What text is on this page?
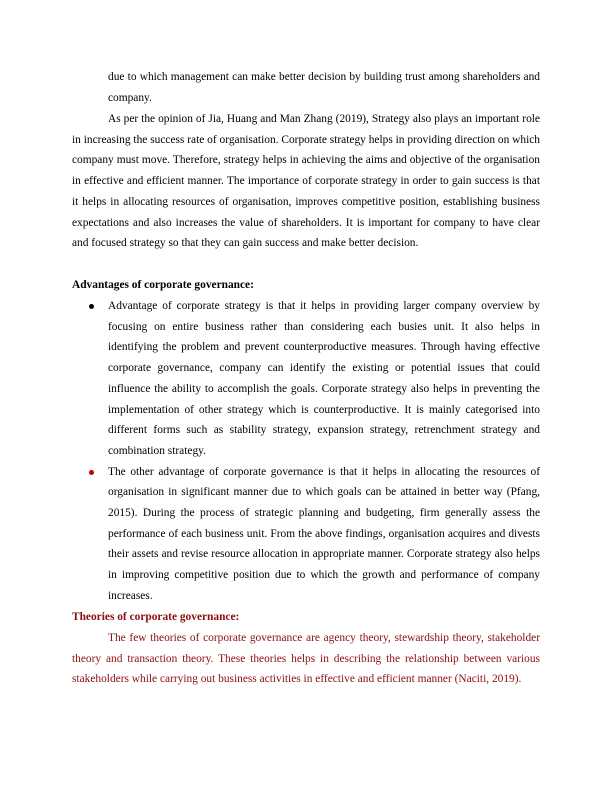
due to which management can make better decision by building trust among shareholders and company.

As per the opinion of Jia, Huang and Man Zhang (2019), Strategy also plays an important role in increasing the success rate of organisation. Corporate strategy helps in providing direction on which company must move. Therefore, strategy helps in achieving the aims and objective of the organisation in effective and efficient manner. The importance of corporate strategy in order to gain success is that it helps in allocating resources of organisation, improves competitive position, establishing business expectations and also increases the value of shareholders. It is important for company to have clear and focused strategy so that they can gain success and make better decision.

Advantages of corporate governance:
Advantage of corporate strategy is that it helps in providing larger company overview by focusing on entire business rather than considering each busies unit. It also helps in identifying the problem and prevent counterproductive measures. Through having effective corporate governance, company can identify the existing or potential issues that could influence the ability to accomplish the goals. Corporate strategy also helps in preventing the implementation of other strategy which is counterproductive. It is mainly categorised into different forms such as stability strategy, expansion strategy, retrenchment strategy and combination strategy.
The other advantage of corporate governance is that it helps in allocating the resources of organisation in significant manner due to which goals can be attained in better way (Pfang, 2015). During the process of strategic planning and budgeting, firm generally assess the performance of each business unit. From the above findings, organisation acquires and divests their assets and revise resource allocation in appropriate manner. Corporate strategy also helps in improving competitive position due to which the growth and performance of company increases.
Theories of corporate governance:

The few theories of corporate governance are agency theory, stewardship theory, stakeholder theory and transaction theory. These theories helps in describing the relationship between various stakeholders while carrying out business activities in effective and efficient manner (Naciti, 2019).
